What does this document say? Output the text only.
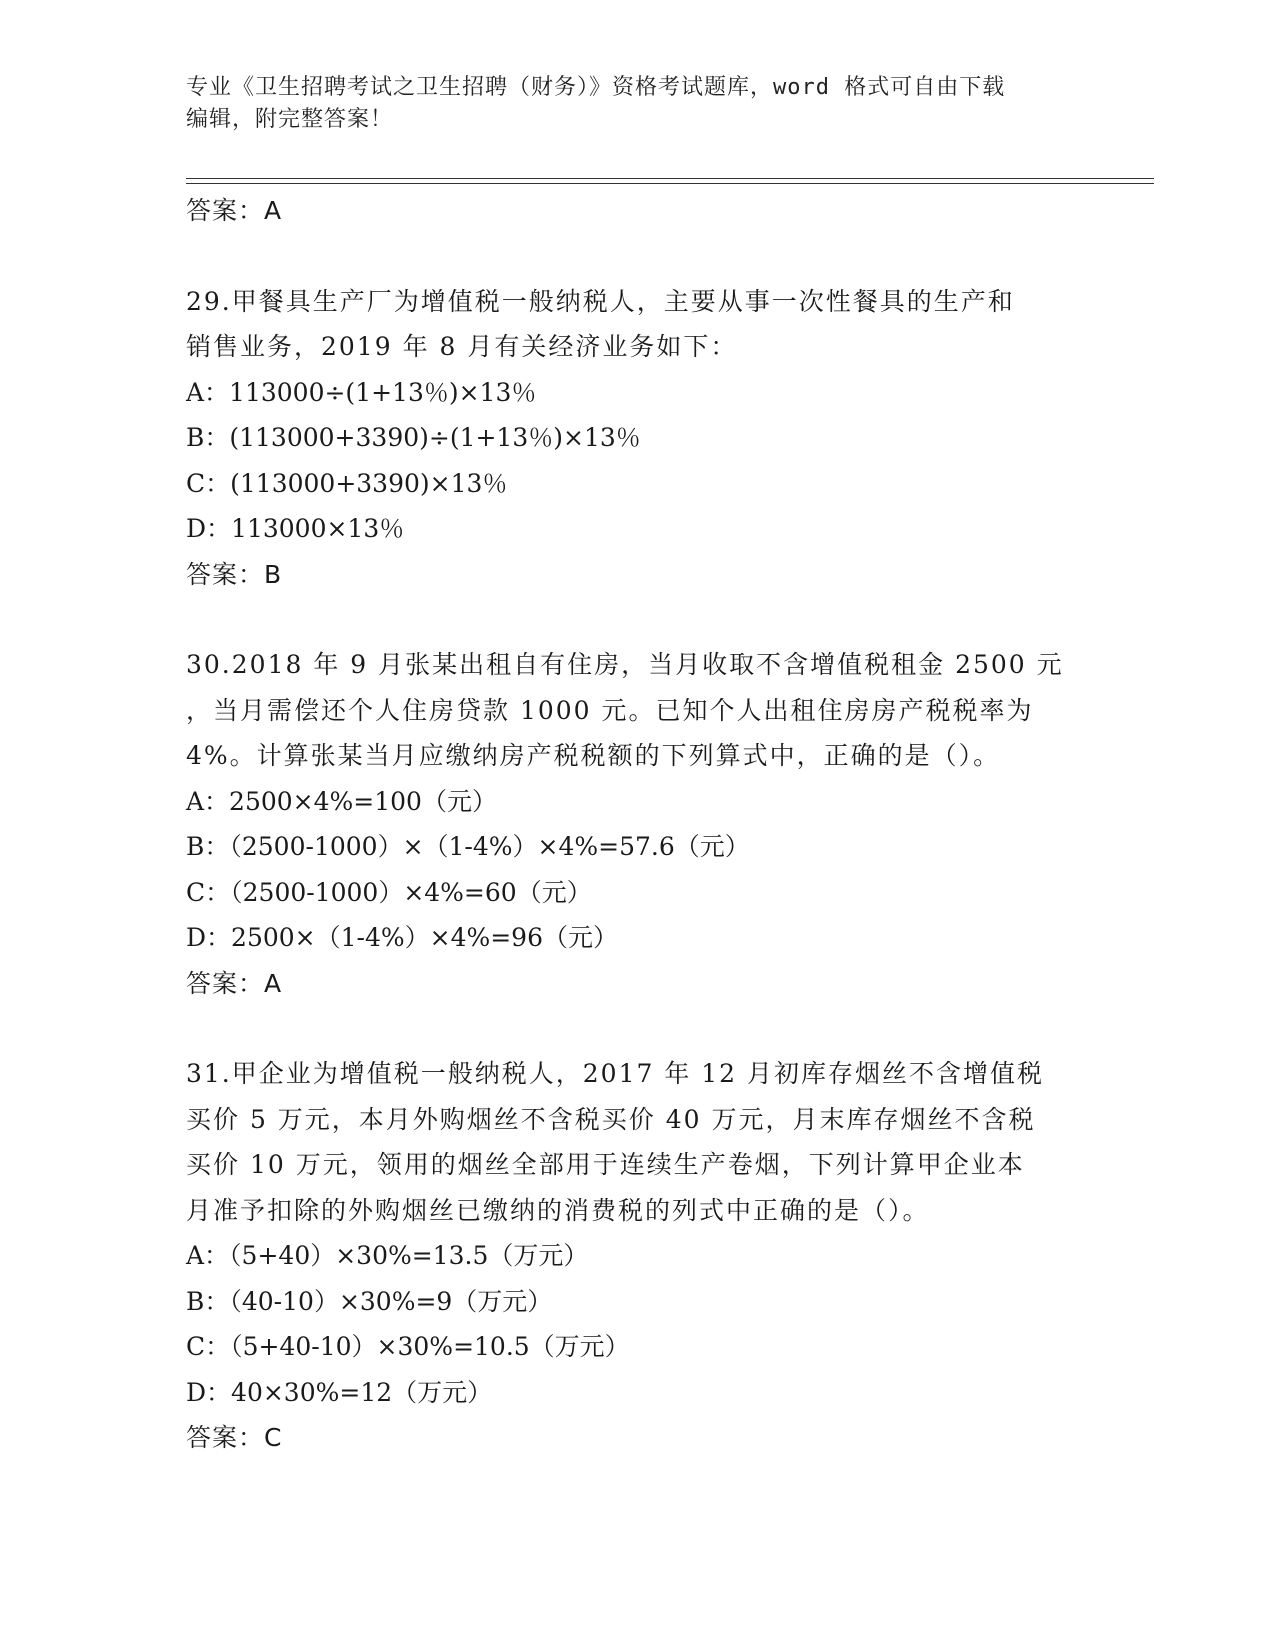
专业《卫生招聘考试之卫生招聘（财务）》资格考试题库，word 格式可自由下载
编辑，附完整答案！
答案：A
29.甲餐具生产厂为增值税一般纳税人，主要从事一次性餐具的生产和
销售业务，2019 年 8 月有关经济业务如下：
A：113000÷(1+13％)×13％
B：(113000+3390)÷(1+13％)×13％
C：(113000+3390)×13％
D：113000×13％
答案：B
30.2018 年 9 月张某出租自有住房，当月收取不含增值税租金 2500 元
，当月需偿还个人住房贷款 1000 元。已知个人出租住房房产税税率为
4%。计算张某当月应缴纳房产税税额的下列算式中，正确的是（）。
A：2500×4%=100（元）
B：（2500-1000）×（1-4%）×4%=57.6（元）
C：（2500-1000）×4%=60（元）
D：2500×（1-4%）×4%=96（元）
答案：A
31.甲企业为增值税一般纳税人，2017 年 12 月初库存烟丝不含增值税
买价 5 万元，本月外购烟丝不含税买价 40 万元，月末库存烟丝不含税
买价 10 万元，领用的烟丝全部用于连续生产卷烟，下列计算甲企业本
月准予扣除的外购烟丝已缴纳的消费税的列式中正确的是（）。
A：（5+40）×30%=13.5（万元）
B：（40-10）×30%=9（万元）
C：（5+40-10）×30%=10.5（万元）
D：40×30%=12（万元）
答案：C
